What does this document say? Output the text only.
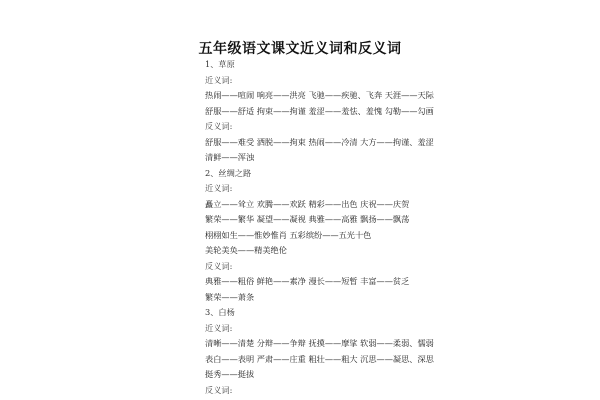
五年级语文课文近义词和反义词
1、草原
近义词:
热闹——喧闹 响亮——洪亮 飞驰——疾驰、飞奔 天涯——天际
舒服——舒适 拘束——拘谨 羞涩——羞怯、羞愧 勾勒——勾画
反义词:
舒服——难受 洒脱——拘束 热闹——冷清 大方——拘谨、羞涩
清鲜——浑浊
2、丝绸之路
近义词:
矗立——耸立 欢腾——欢跃 精彩——出色 庆祝——庆贺
繁荣——繁华 凝望——凝视 典雅——高雅 飘扬——飘荡
栩栩如生——惟妙惟肖 五彩缤纷——五光十色
美轮美奂——精美绝伦
反义词:
典雅——粗俗 鲜艳——素净 漫长——短暂 丰富——贫乏
繁荣——萧条
3、白杨
近义词:
清晰——清楚 分辩——争辩 抚摸——摩挲 软弱——柔弱、懦弱
表白——表明 严肃——庄重 粗壮——粗大 沉思——凝思、深思
挺秀——挺拔
反义词:
